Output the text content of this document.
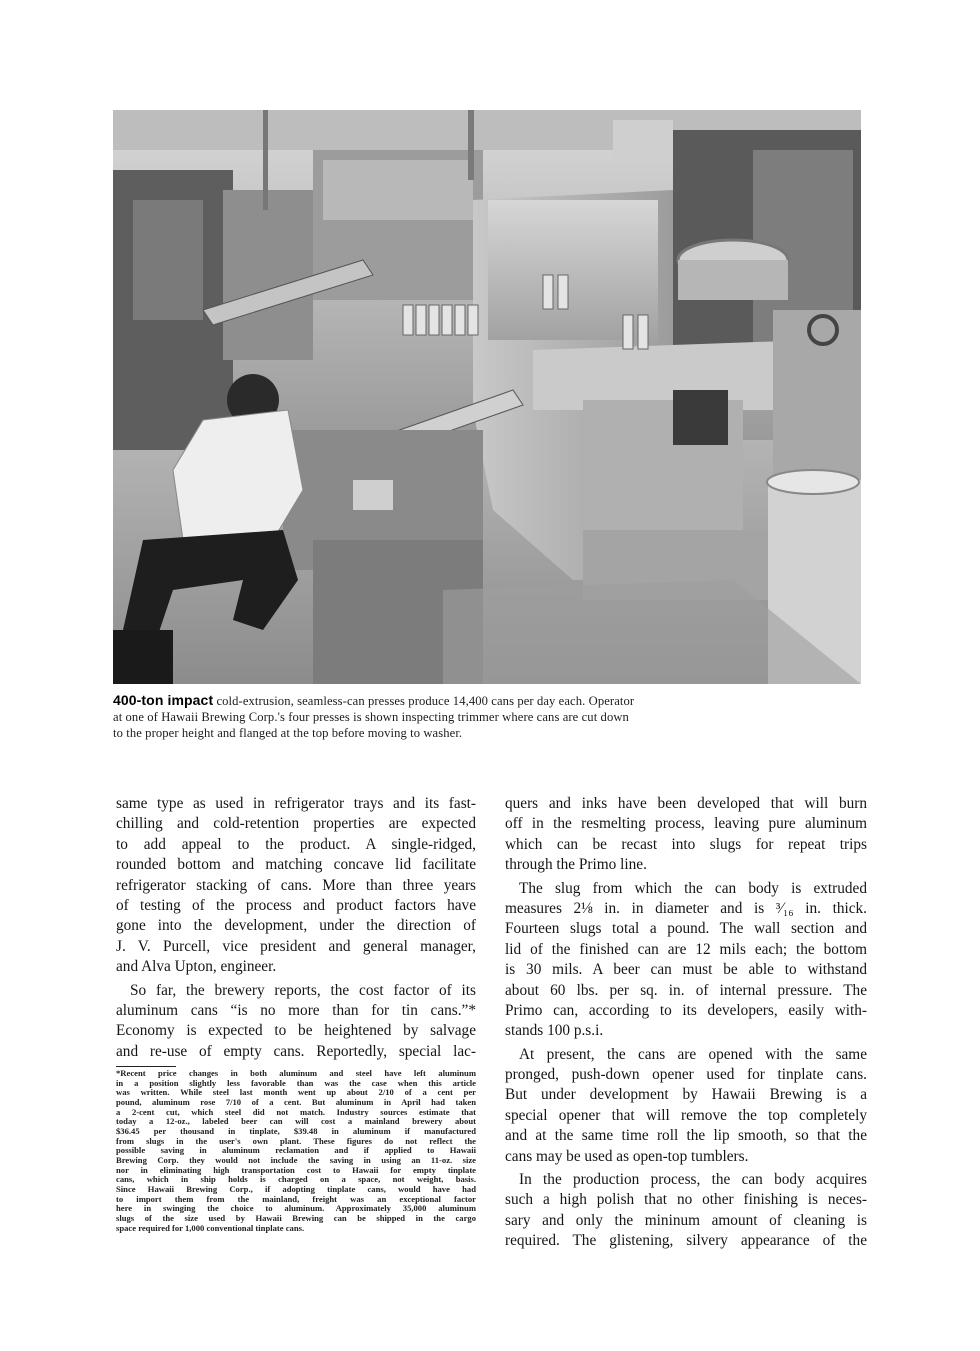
400-ton impact cold-extrusion, seamless-can presses produce 14,400 cans per day each. Operator
at one of Hawaii Brewing Corp.'s four presses is shown inspecting trimmer where cans are cut down
to the proper height and flanged at the top before moving to washer.
same type as used in refrigerator trays and its fast-
chilling and cold-retention properties are expected
to add appeal to the product. A single-ridged,
rounded bottom and matching concave lid facilitate
refrigerator stacking of cans. More than three years
of testing of the process and product factors have
gone into the development, under the direction of
J. V. Purcell, vice president and general manager,
and Alva Upton, engineer.
So far, the brewery reports, the cost factor of its
aluminum cans “is no more than for tin cans.”*
Economy is expected to be heightened by salvage
and re-use of empty cans. Reportedly, special lac-
*Recent price changes in both aluminum and steel have left aluminum
in a position slightly less favorable than was the case when this article
was written. While steel last month went up about 2/10 of a cent per
pound, aluminum rose 7/10 of a cent. But aluminum in April had taken
a 2-cent cut, which steel did not match. Industry sources estimate that
today a 12-oz., labeled beer can will cost a mainland brewery about
$36.45 per thousand in tinplate, $39.48 in aluminum if manufactured
from slugs in the user's own plant. These figures do not reflect the
possible saving in aluminum reclamation and if applied to Hawaii
Brewing Corp. they would not include the saving in using an 11-oz. size
nor in eliminating high transportation cost to Hawaii for empty tinplate
cans, which in ship holds is charged on a space, not weight, basis.
Since Hawaii Brewing Corp., if adopting tinplate cans, would have had
to import them from the mainland, freight was an exceptional factor
here in swinging the choice to aluminum. Approximately 35,000 aluminum
slugs of the size used by Hawaii Brewing can be shipped in the cargo
space required for 1,000 conventional tinplate cans.
quers and inks have been developed that will burn
off in the resmelting process, leaving pure aluminum
which can be recast into slugs for repeat trips
through the Primo line.
The slug from which the can body is extruded
measures 2⅛ in. in diameter and is ³⁄₁₆ in. thick.
Fourteen slugs total a pound. The wall section and
lid of the finished can are 12 mils each; the bottom
is 30 mils. A beer can must be able to withstand
about 60 lbs. per sq. in. of internal pressure. The
Primo can, according to its developers, easily with-
stands 100 p.s.i.
At present, the cans are opened with the same
pronged, push-down opener used for tinplate cans.
But under development by Hawaii Brewing is a
special opener that will remove the top completely
and at the same time roll the lip smooth, so that the
cans may be used as open-top tumblers.
In the production process, the can body acquires
such a high polish that no other finishing is neces-
sary and only the mininum amount of cleaning is
required. The glistening, silvery appearance of the
